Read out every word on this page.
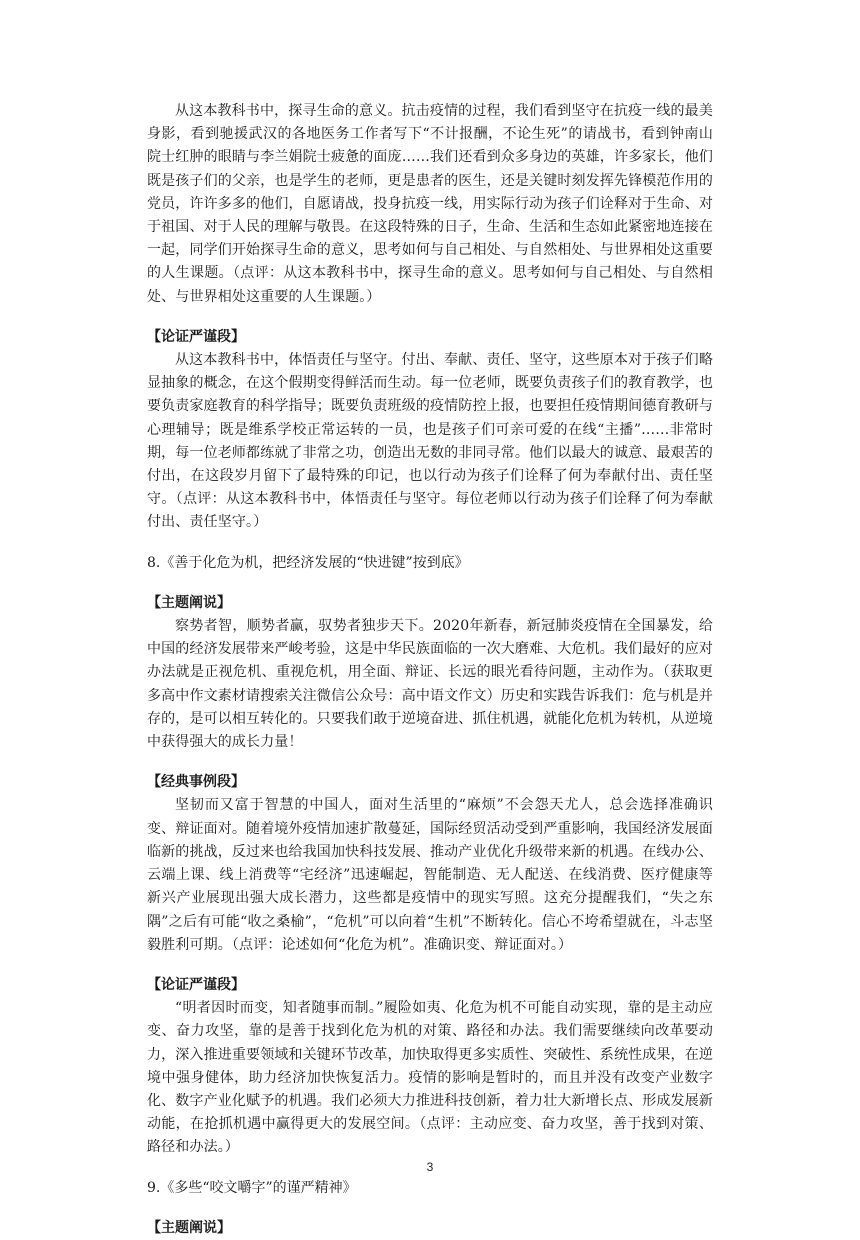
从这本教科书中，探寻生命的意义。抗击疫情的过程，我们看到坚守在抗疫一线的最美身影，看到驰援武汉的各地医务工作者写下“不计报酬，不论生死”的请战书，看到钟南山院士红肿的眼睛与李兰娟院士疲惫的面庞……我们还看到众多身边的英雄，许多家长，他们既是孩子们的父亲，也是学生的老师，更是患者的医生，还是关键时刻发挥先锋模范作用的党员，许许多多的他们，自愿请战，投身抗疫一线，用实际行动为孩子们诠释对于生命、对于祖国、对于人民的理解与敬畏。在这段特殊的日子，生命、生活和生态如此紧密地连接在一起，同学们开始探寻生命的意义，思考如何与自己相处、与自然相处、与世界相处这重要的人生课题。（点评：从这本教科书中，探寻生命的意义。思考如何与自己相处、与自然相处、与世界相处这重要的人生课题。）

【论证严谨段】

从这本教科书中，体悟责任与坚守。付出、奉献、责任、坚守，这些原本对于孩子们略显抽象的概念，在这个假期变得鲜活而生动。每一位老师，既要负责孩子们的教育教学，也要负责家庭教育的科学指导；既要负责班级的疫情防控上报，也要担任疫情期间德育教研与心理辅导；既是维系学校正常运转的一员，也是孩子们可亲可爱的在线“主播”……非常时期，每一位老师都练就了非常之功，创造出无数的非同寻常。他们以最大的诚意、最艰苦的付出，在这段岁月留下了最特殊的印记，也以行动为孩子们诠释了何为奉献付出、责任坚守。（点评：从这本教科书中，体悟责任与坚守。每位老师以行动为孩子们诠释了何为奉献付出、责任坚守。）

8.《善于化危为机，把经济发展的“快进键”按到底》

【主题阐说】

察势者智，顺势者赢，驭势者独步天下。2020年新春，新冠肺炎疫情在全国暴发，给中国的经济发展带来严峻考验，这是中华民族面临的一次大磨难、大危机。我们最好的应对办法就是正视危机、重视危机，用全面、辩证、长远的眼光看待问题，主动作为。（获取更多高中作文素材请搜索关注微信公众号：高中语文作文）历史和实践告诉我们：危与机是并存的，是可以相互转化的。只要我们敢于逆境奋进、抓住机遇，就能化危机为转机，从逆境中获得强大的成长力量！

【经典事例段】

坚韧而又富于智慧的中国人，面对生活里的“麻烦”不会怨天尤人，总会选择准确识变、辩证面对。随着境外疫情加速扩散蔓延，国际经贸活动受到严重影响，我国经济发展面临新的挑战，反过来也给我国加快科技发展、推动产业优化升级带来新的机遇。在线办公、云端上课、线上消费等“宅经济”迅速崛起，智能制造、无人配送、在线消费、医疗健康等新兴产业展现出强大成长潜力，这些都是疫情中的现实写照。这充分提醒我们，“失之东隅”之后有可能“收之桑榆”，“危机”可以向着“生机”不断转化。信心不垮希望就在，斗志坚毅胜利可期。（点评：论述如何“化危为机”。准确识变、辩证面对。）

【论证严谨段】

“明者因时而变，知者随事而制。”履险如夷、化危为机不可能自动实现，靠的是主动应变、奋力攻坚，靠的是善于找到化危为机的对策、路径和办法。我们需要继续向改革要动力，深入推进重要领域和关键环节改革，加快取得更多实质性、突破性、系统性成果，在逆境中强身健体，助力经济加快恢复活力。疫情的影响是暂时的，而且并没有改变产业数字化、数字产业化赋予的机遇。我们必须大力推进科技创新，着力壮大新增长点、形成发展新动能，在抢抓机遇中赢得更大的发展空间。（点评：主动应变、奋力攻坚，善于找到对策、路径和办法。）

9.《多些“咬文嚼字”的谨严精神》

【主题阐说】

3
